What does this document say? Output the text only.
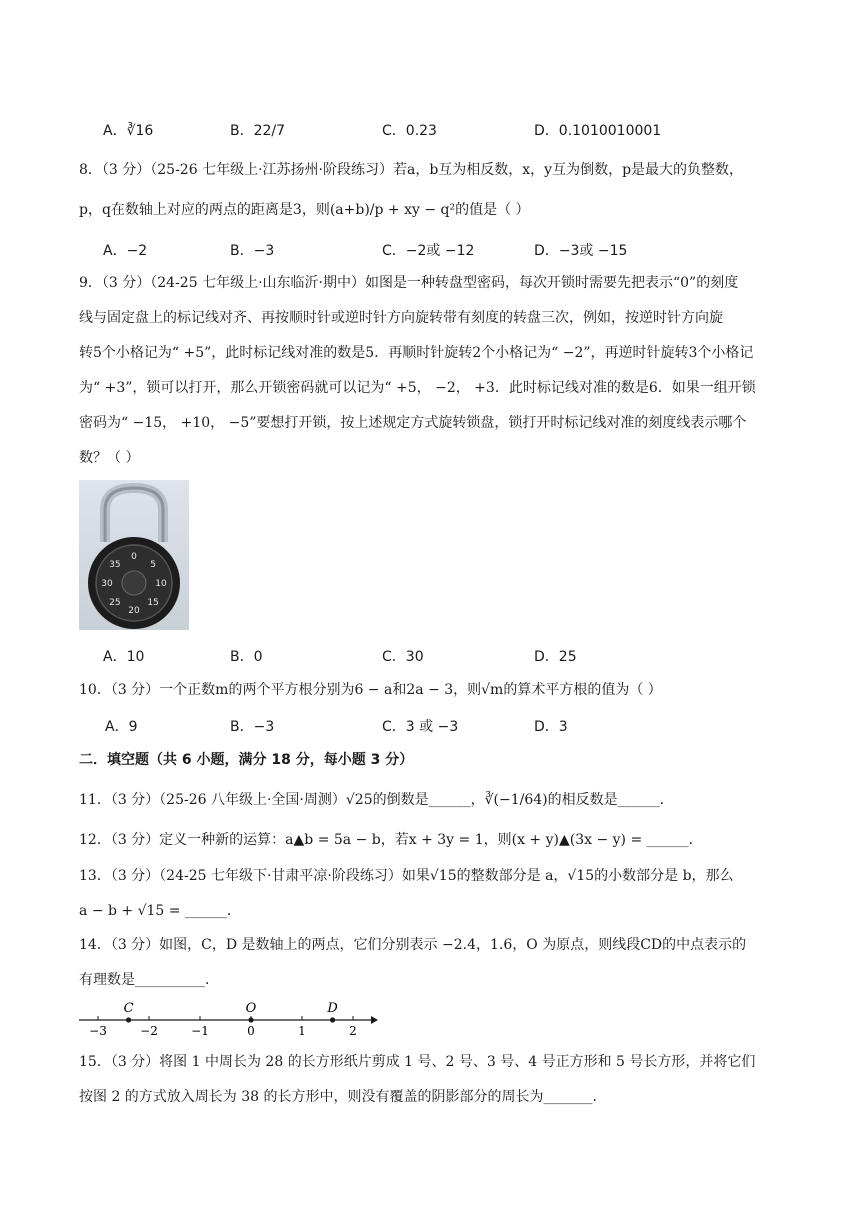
A．∛16	B．22/7	C．0.23	D．0.1010010001
8．（3 分）（25-26 七年级上·江苏扬州·阶段练习）若a，b互为相反数，x，y互为倒数，p是最大的负整数，
p，q在数轴上对应的两点的距离是3，则(a+b)/p + xy − q²的值是（ ）
A．−2	B．−3	C．−2或 −12	D．−3或 −15
9．（3 分）（24-25 七年级上·山东临沂·期中）如图是一种转盘型密码，每次开锁时需要先把表示“0”的刻度
线与固定盘上的标记线对齐、再按顺时针或逆时针方向旋转带有刻度的转盘三次，例如，按逆时针方向旋
转5个小格记为“ +5”，此时标记线对准的数是5．再顺时针旋转2个小格记为“ −2”，再逆时针旋转3个小格记
为“ +3”，锁可以打开，那么开锁密码就可以记为“ +5， −2， +3．此时标记线对准的数是6．如果一组开锁
密码为“ −15， +10， −5”要想打开锁，按上述规定方式旋转锁盘，锁打开时标记线对准的刻度线表示哪个
数？（ ）
0
5
10
15
20
25
30
35
A．10	B．0	C．30	D．25
10．（3 分）一个正数m的两个平方根分别为6 − a和2a − 3，则√m的算术平方根的值为（ ）
A．9	B．−3	C．3 或 −3	D．3
二．填空题（共 6 小题，满分 18 分，每小题 3 分）
11．（3 分）（25-26 八年级上·全国·周测）√25的倒数是______，∛(−1/64)的相反数是______．
12．（3 分）定义一种新的运算：a▲b = 5a − b，若x + 3y = 1，则(x + y)▲(3x − y) = ______．
13．（3 分）（24-25 七年级下·甘肃平凉·阶段练习）如果√15的整数部分是 a，√15的小数部分是 b，那么
a − b + √15 = ______．
14．（3 分）如图，C，D 是数轴上的两点，它们分别表示 −2.4，1.6，O 为原点，则线段CD的中点表示的
有理数是__________．
−3	−2	−1	0	1	2
C	O	D
15．（3 分）将图 1 中周长为 28 的长方形纸片剪成 1 号、2 号、3 号、4 号正方形和 5 号长方形，并将它们
按图 2 的方式放入周长为 38 的长方形中，则没有覆盖的阴影部分的周长为_______．
